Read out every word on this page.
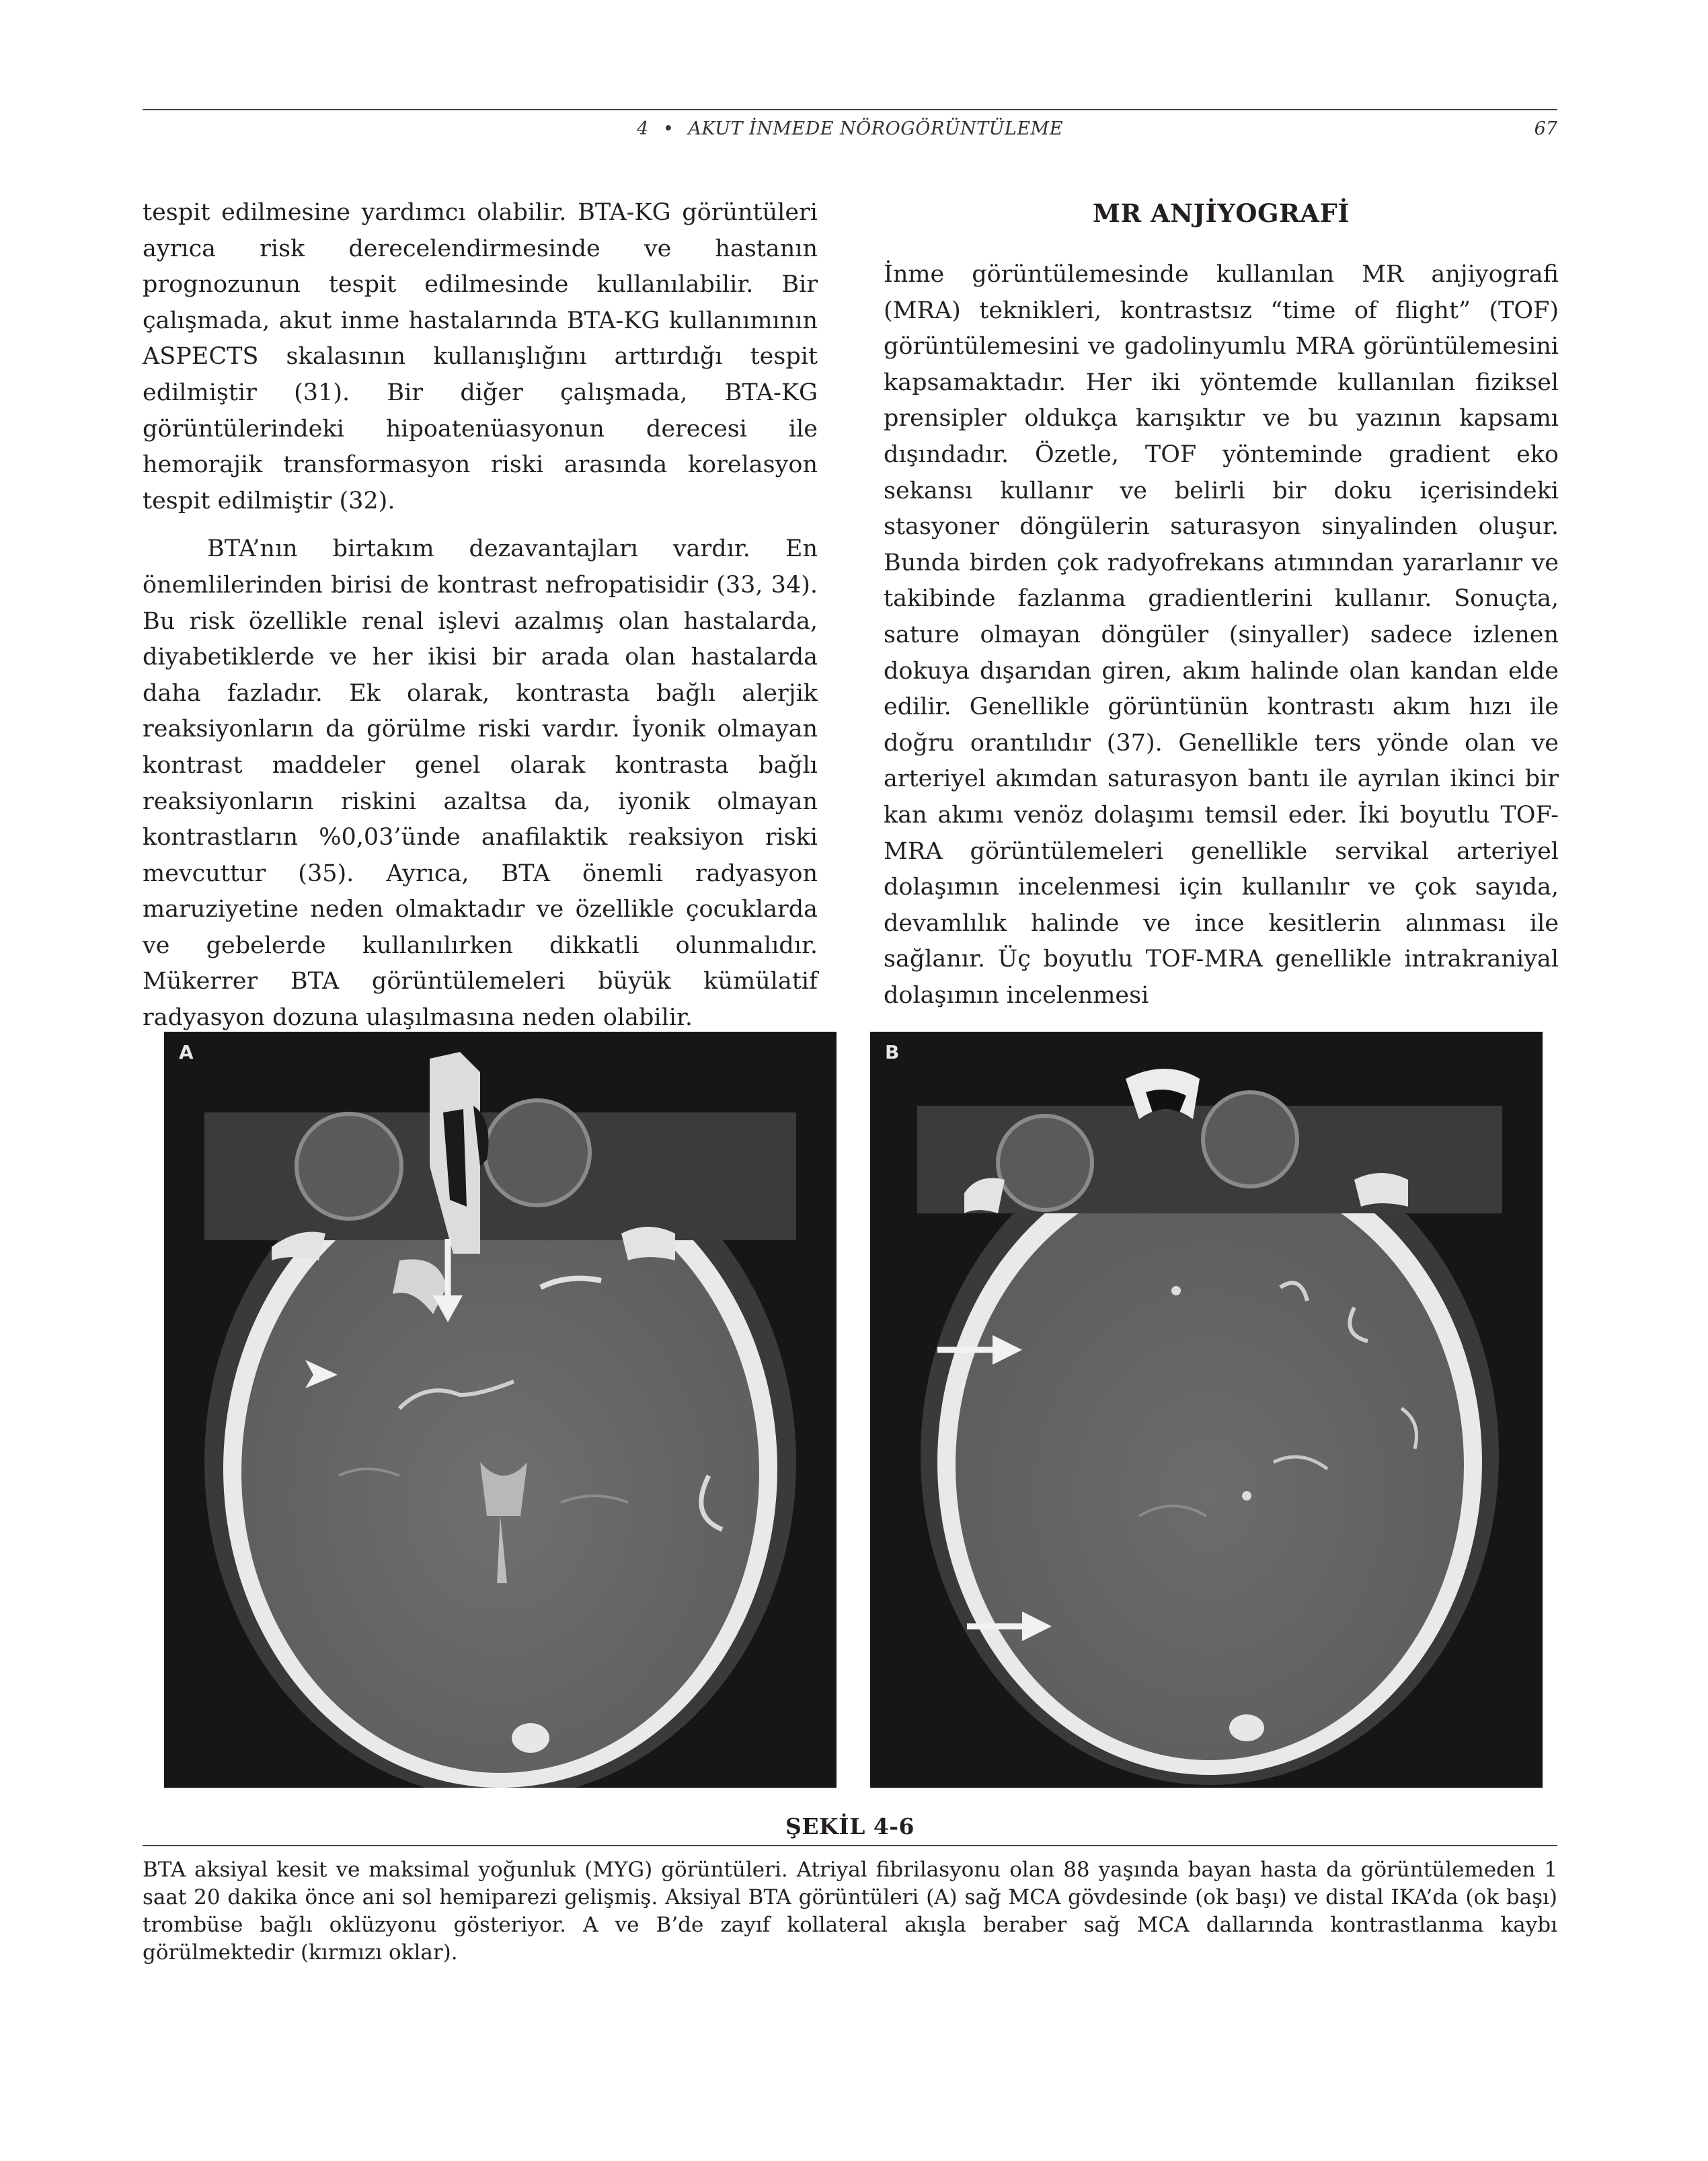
4 • AKUT İNMEDE NÖROGÖRÜNTÜLEME	67

tespit edilmesine yardımcı olabilir. BTA-KG görüntüleri ayrıca risk derecelendirmesinde ve hastanın prognozunun tespit edilmesinde kullanılabilir. Bir çalışmada, akut inme hastalarında BTA-KG kullanımının ASPECTS skalasının kullanışlığını arttırdığı tespit edilmiştir (31). Bir diğer çalışmada, BTA-KG görüntülerindeki hipoatenüasyonun derecesi ile hemorajik transformasyon riski arasında korelasyon tespit edilmiştir (32).

BTA’nın birtakım dezavantajları vardır. En önemlilerinden birisi de kontrast nefropatisidir (33, 34). Bu risk özellikle renal işlevi azalmış olan hastalarda, diyabetiklerde ve her ikisi bir arada olan hastalarda daha fazladır. Ek olarak, kontrasta bağlı alerjik reaksiyonların da görülme riski vardır. İyonik olmayan kontrast maddeler genel olarak kontrasta bağlı reaksiyonların riskini azaltsa da, iyonik olmayan kontrastların %0,03’ünde anafilaktik reaksiyon riski mevcuttur (35). Ayrıca, BTA önemli radyasyon maruziyetine neden olmaktadır ve özellikle çocuklarda ve gebelerde kullanılırken dikkatli olunmalıdır. Mükerrer BTA görüntülemeleri büyük kümülatif radyasyon dozuna ulaşılmasına neden olabilir.

MR ANJİYOGRAFİ

İnme görüntülemesinde kullanılan MR anjiyografi (MRA) teknikleri, kontrastsız “time of flight” (TOF) görüntülemesini ve gadolinyumlu MRA görüntülemesini kapsamaktadır. Her iki yöntemde kullanılan fiziksel prensipler oldukça karışıktır ve bu yazının kapsamı dışındadır. Özetle, TOF yönteminde gradient eko sekansı kullanır ve belirli bir doku içerisindeki stasyoner döngülerin saturasyon sinyalinden oluşur. Bunda birden çok radyofrekans atımından yararlanır ve takibinde fazlanma gradientlerini kullanır. Sonuçta, sature olmayan döngüler (sinyaller) sadece izlenen dokuya dışarıdan giren, akım halinde olan kandan elde edilir. Genellikle görüntünün kontrastı akım hızı ile doğru orantılıdır (37). Genellikle ters yönde olan ve arteriyel akımdan saturasyon bantı ile ayrılan ikinci bir kan akımı venöz dolaşımı temsil eder. İki boyutlu TOF-MRA görüntülemeleri genellikle servikal arteriyel dolaşımın incelenmesi için kullanılır ve çok sayıda, devamlılık halinde ve ince kesitlerin alınması ile sağlanır. Üç boyutlu TOF-MRA genellikle intrakraniyal dolaşımın incelenmesi

A	B
ŞEKİL 4-6
BTA aksiyal kesit ve maksimal yoğunluk (MYG) görüntüleri. Atriyal fibrilasyonu olan 88 yaşında bayan hasta da görüntülemeden 1 saat 20 dakika önce ani sol hemiparezi gelişmiş. Aksiyal BTA görüntüleri (A) sağ MCA gövdesinde (ok başı) ve distal IKA’da (ok başı) trombüse bağlı oklüzyonu gösteriyor. A ve B’de zayıf kollateral akışla beraber sağ MCA dallarında kontrastlanma kaybı görülmektedir (kırmızı oklar).
